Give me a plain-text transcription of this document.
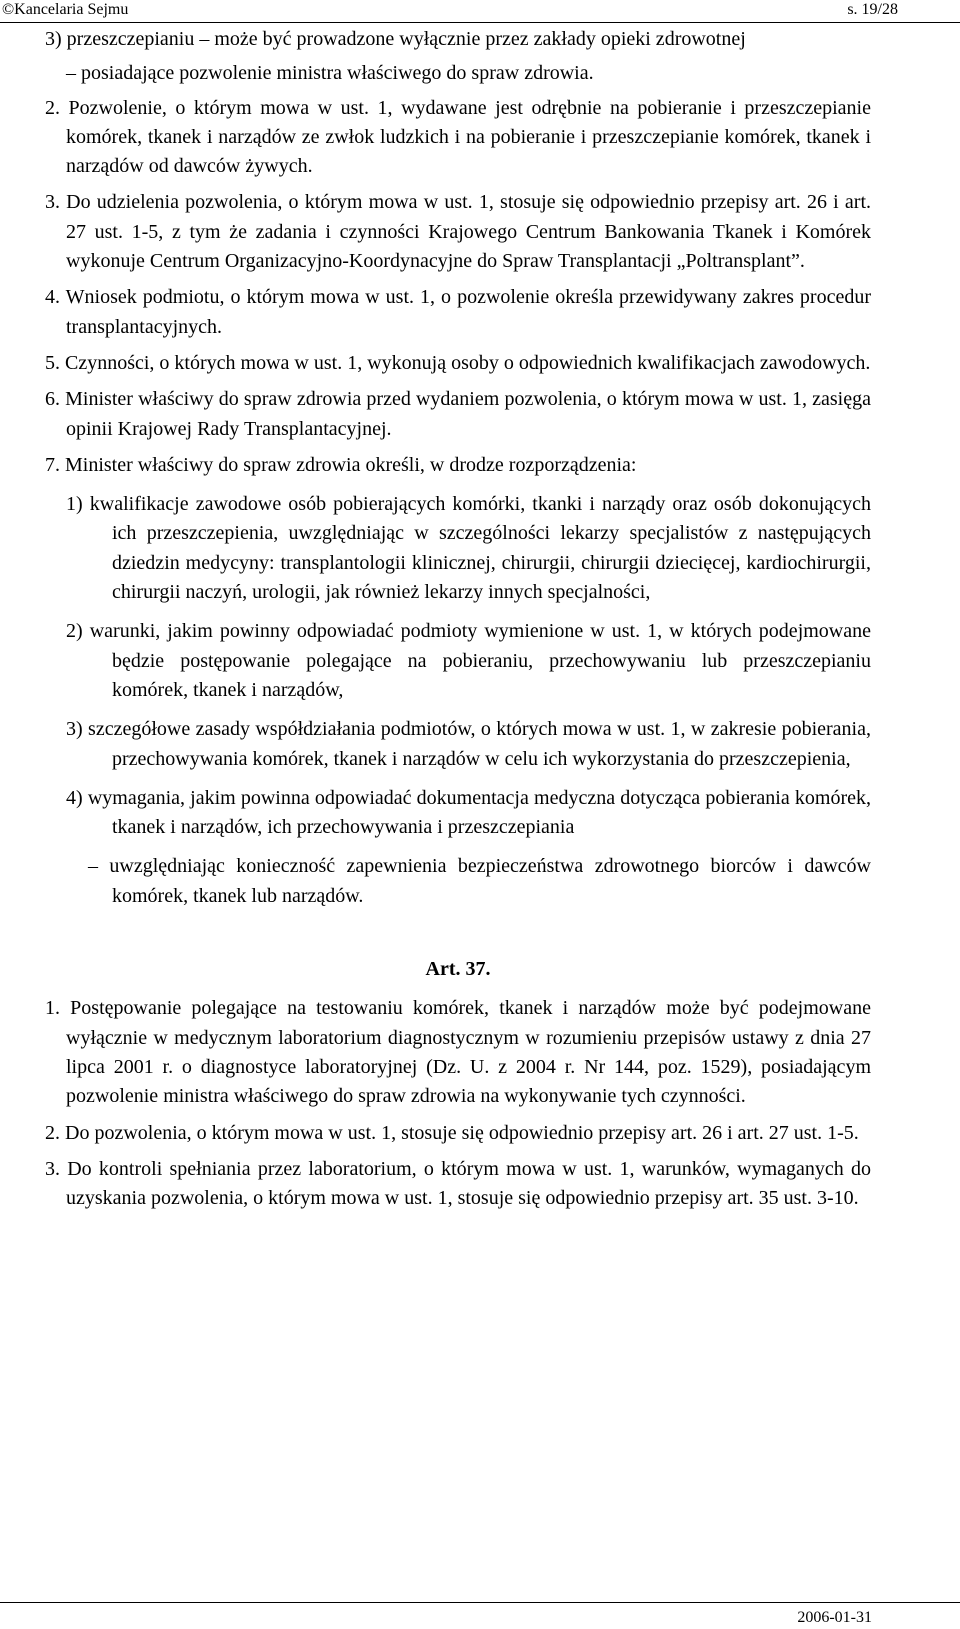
©Kancelaria Sejmu	s. 19/28

3) przeszczepianiu – może być prowadzone wyłącznie przez zakłady opieki zdrowotnej

– posiadające pozwolenie ministra właściwego do spraw zdrowia.

2. Pozwolenie, o którym mowa w ust. 1, wydawane jest odrębnie na pobieranie i przeszczepianie komórek, tkanek i narządów ze zwłok ludzkich i na pobieranie i przeszczepianie komórek, tkanek i narządów od dawców żywych.

3. Do udzielenia pozwolenia, o którym mowa w ust. 1, stosuje się odpowiednio przepisy art. 26 i art. 27 ust. 1-5, z tym że zadania i czynności Krajowego Centrum Bankowania Tkanek i Komórek wykonuje Centrum Organizacyjno-Koordynacyjne do Spraw Transplantacji „Poltransplant”.

4. Wniosek podmiotu, o którym mowa w ust. 1, o pozwolenie określa przewidywany zakres procedur transplantacyjnych.

5. Czynności, o których mowa w ust. 1, wykonują osoby o odpowiednich kwalifikacjach zawodowych.

6. Minister właściwy do spraw zdrowia przed wydaniem pozwolenia, o którym mowa w ust. 1, zasięga opinii Krajowej Rady Transplantacyjnej.

7. Minister właściwy do spraw zdrowia określi, w drodze rozporządzenia:

1) kwalifikacje zawodowe osób pobierających komórki, tkanki i narządy oraz osób dokonujących ich przeszczepienia, uwzględniając w szczególności lekarzy specjalistów z następujących dziedzin medycyny: transplantologii klinicznej, chirurgii, chirurgii dziecięcej, kardiochirurgii, chirurgii naczyń, urologii, jak również lekarzy innych specjalności,

2) warunki, jakim powinny odpowiadać podmioty wymienione w ust. 1, w których podejmowane będzie postępowanie polegające na pobieraniu, przechowywaniu lub przeszczepianiu komórek, tkanek i narządów,

3) szczegółowe zasady współdziałania podmiotów, o których mowa w ust. 1, w zakresie pobierania, przechowywania komórek, tkanek i narządów w celu ich wykorzystania do przeszczepienia,

4) wymagania, jakim powinna odpowiadać dokumentacja medyczna dotycząca pobierania komórek, tkanek i narządów, ich przechowywania i przeszczepiania

– uwzględniając konieczność zapewnienia bezpieczeństwa zdrowotnego biorców i dawców komórek, tkanek lub narządów.

Art. 37.

1. Postępowanie polegające na testowaniu komórek, tkanek i narządów może być podejmowane wyłącznie w medycznym laboratorium diagnostycznym w rozumieniu przepisów ustawy z dnia 27 lipca 2001 r. o diagnostyce laboratoryjnej (Dz. U. z 2004 r. Nr 144, poz. 1529), posiadającym pozwolenie ministra właściwego do spraw zdrowia na wykonywanie tych czynności.

2. Do pozwolenia, o którym mowa w ust. 1, stosuje się odpowiednio przepisy art. 26 i art. 27 ust. 1-5.

3. Do kontroli spełniania przez laboratorium, o którym mowa w ust. 1, warunków, wymaganych do uzyskania pozwolenia, o którym mowa w ust. 1, stosuje się odpowiednio przepisy art. 35 ust. 3-10.

2006-01-31
